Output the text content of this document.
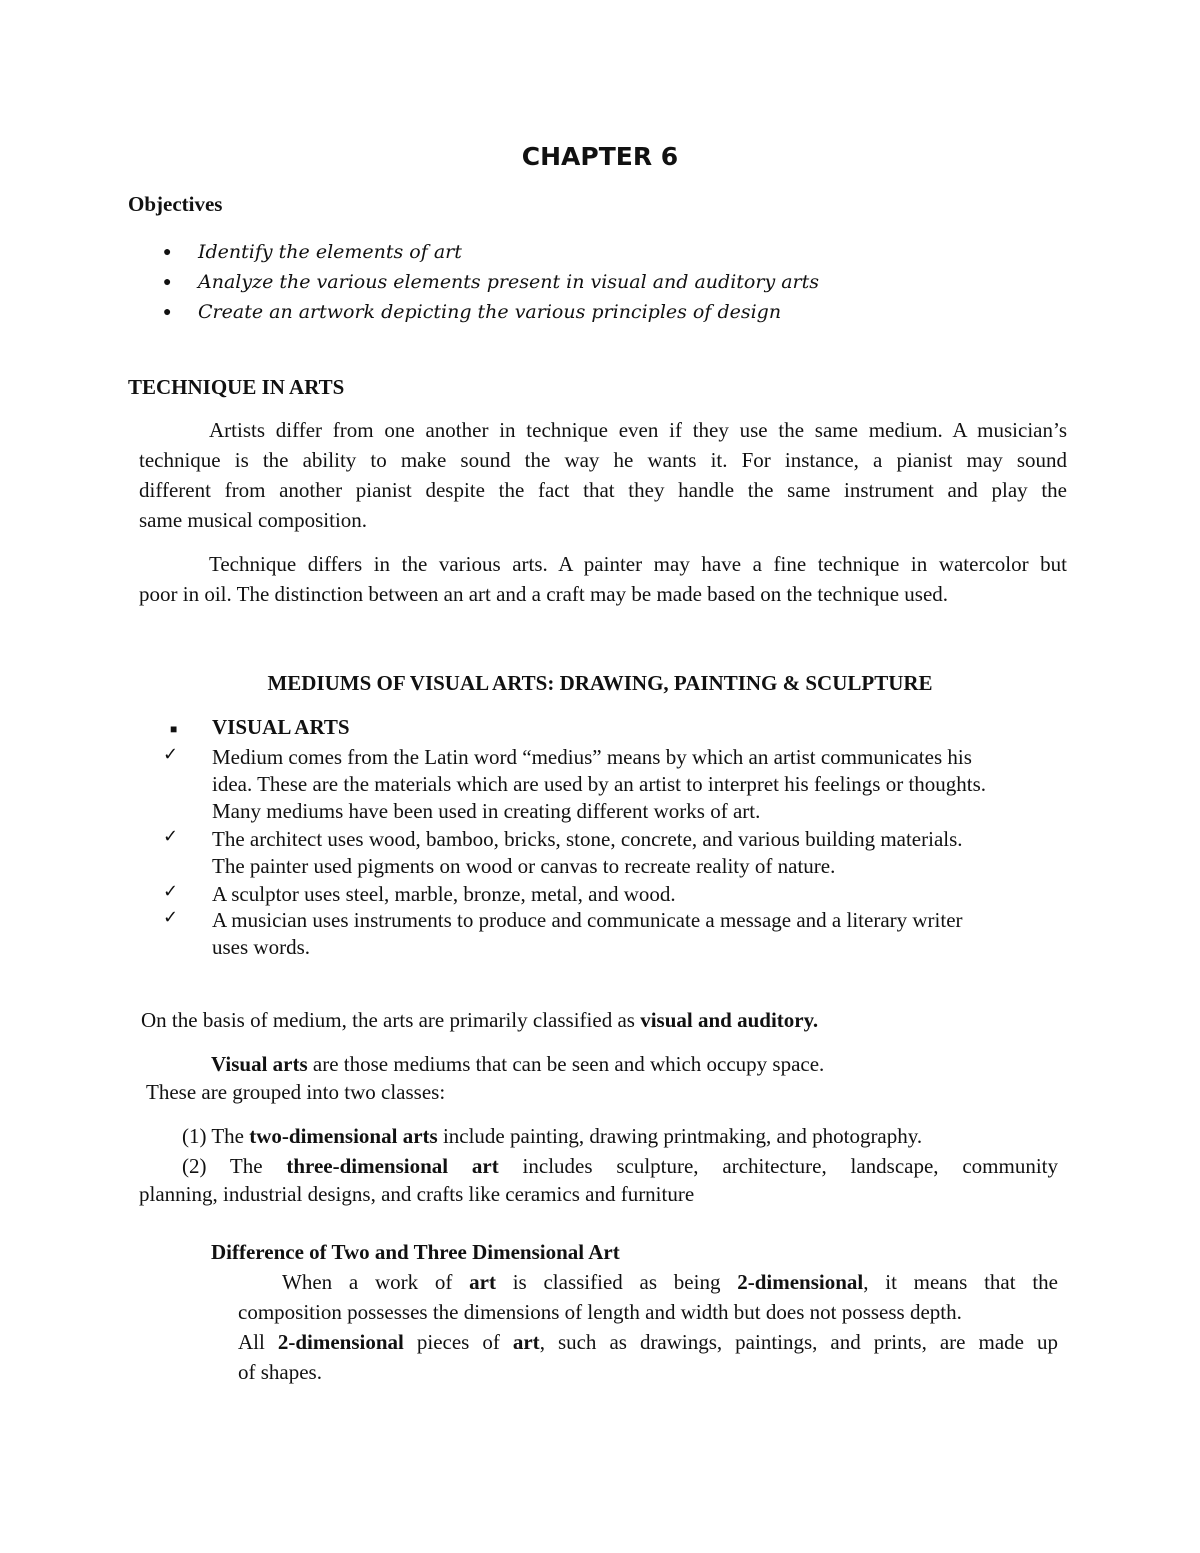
CHAPTER 6
Objectives
● Identify the elements of art
● Analyze the various elements present in visual and auditory arts
● Create an artwork depicting the various principles of design
TECHNIQUE IN ARTS
Artists differ from one another in technique even if they use the same medium. A musician’s
technique is the ability to make sound the way he wants it. For instance, a pianist may sound
different from another pianist despite the fact that they handle the same instrument and play the
same musical composition.
Technique differs in the various arts. A painter may have a fine technique in watercolor but
poor in oil. The distinction between an art and a craft may be made based on the technique used.
MEDIUMS OF VISUAL ARTS: DRAWING, PAINTING & SCULPTURE
■ VISUAL ARTS
✓ Medium comes from the Latin word “medius” means by which an artist communicates his
idea. These are the materials which are used by an artist to interpret his feelings or thoughts.
Many mediums have been used in creating different works of art.
✓ The architect uses wood, bamboo, bricks, stone, concrete, and various building materials.
The painter used pigments on wood or canvas to recreate reality of nature.
✓ A sculptor uses steel, marble, bronze, metal, and wood.
✓ A musician uses instruments to produce and communicate a message and a literary writer
uses words.
On the basis of medium, the arts are primarily classified as visual and auditory.
Visual arts are those mediums that can be seen and which occupy space.
These are grouped into two classes:
(1) The two-dimensional arts include painting, drawing printmaking, and photography.
(2) The three-dimensional art includes sculpture, architecture, landscape, community
planning, industrial designs, and crafts like ceramics and furniture
Difference of Two and Three Dimensional Art
When a work of art is classified as being 2-dimensional, it means that the
composition possesses the dimensions of length and width but does not possess depth.
All 2-dimensional pieces of art, such as drawings, paintings, and prints, are made up
of shapes.
